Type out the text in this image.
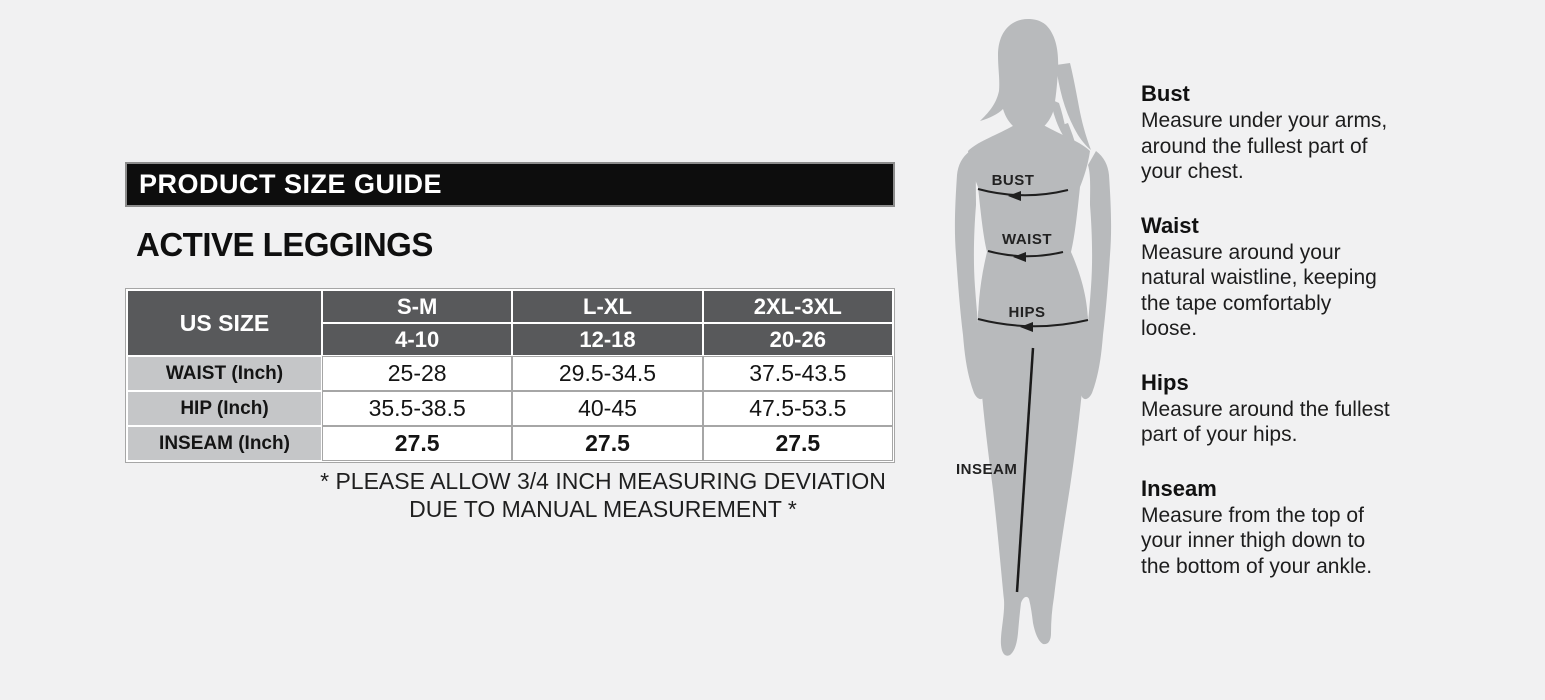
PRODUCT SIZE GUIDE
ACTIVE LEGGINGS
US SIZE
S-M	L-XL	2XL-3XL
4-10	12-18	20-26
WAIST (Inch)	25-28	29.5-34.5	37.5-43.5
HIP (Inch)	35.5-38.5	40-45	47.5-53.5
INSEAM (Inch)	27.5	27.5	27.5
* PLEASE ALLOW 3/4 INCH MEASURING DEVIATION
DUE TO MANUAL MEASUREMENT *
BUST
WAIST
HIPS
INSEAM
Bust
Measure under your arms, around the fullest part of your chest.
Waist
Measure around your natural waistline, keeping the tape comfortably loose.
Hips
Measure around the fullest part of your hips.
Inseam
Measure from the top of your inner thigh down to the bottom of your ankle.
